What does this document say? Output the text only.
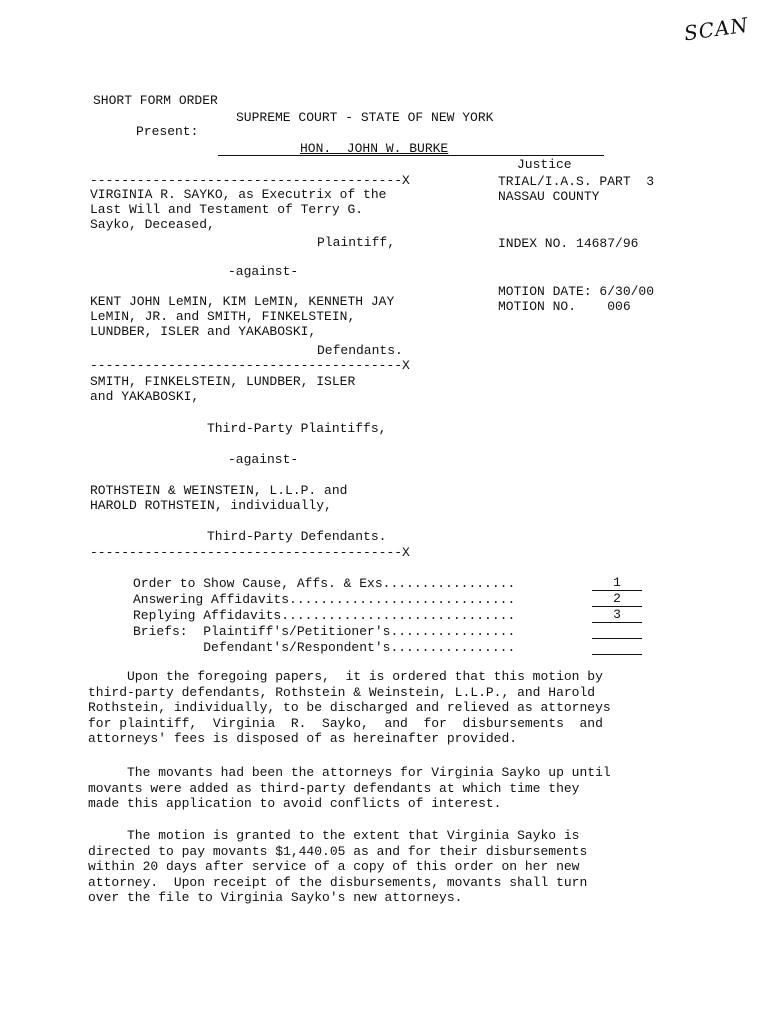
SCAN
SHORT FORM ORDER
SUPREME COURT - STATE OF NEW YORK
Present:
HON.  JOHN W. BURKE
Justice
TRIAL/I.A.S. PART  3
NASSAU COUNTY
INDEX NO. 14687/96
MOTION DATE: 6/30/00
MOTION NO.    006
----------------------------------------X
VIRGINIA R. SAYKO, as Executrix of the
Last Will and Testament of Terry G.
Sayko, Deceased,
Plaintiff,
-against-
KENT JOHN LeMIN, KIM LeMIN, KENNETH JAY
LeMIN, JR. and SMITH, FINKELSTEIN,
LUNDBER, ISLER and YAKABOSKI,
Defendants.
----------------------------------------X
SMITH, FINKELSTEIN, LUNDBER, ISLER
and YAKABOSKI,
Third-Party Plaintiffs,
-against-
ROTHSTEIN & WEINSTEIN, L.L.P. and
HAROLD ROTHSTEIN, individually,
Third-Party Defendants.
----------------------------------------X
Order to Show Cause, Affs. & Exs.................	1
Answering Affidavits.............................	2
Replying Affidavits..............................	3
Briefs:  Plaintiff's/Petitioner's................
Defendant's/Respondent's................
Upon the foregoing papers,  it is ordered that this motion by
third-party defendants, Rothstein & Weinstein, L.L.P., and Harold
Rothstein, individually, to be discharged and relieved as attorneys
for plaintiff,  Virginia  R.  Sayko,  and  for  disbursements  and
attorneys' fees is disposed of as hereinafter provided.
The movants had been the attorneys for Virginia Sayko up until
movants were added as third-party defendants at which time they
made this application to avoid conflicts of interest.
The motion is granted to the extent that Virginia Sayko is
directed to pay movants $1,440.05 as and for their disbursements
within 20 days after service of a copy of this order on her new
attorney.  Upon receipt of the disbursements, movants shall turn
over the file to Virginia Sayko's new attorneys.
